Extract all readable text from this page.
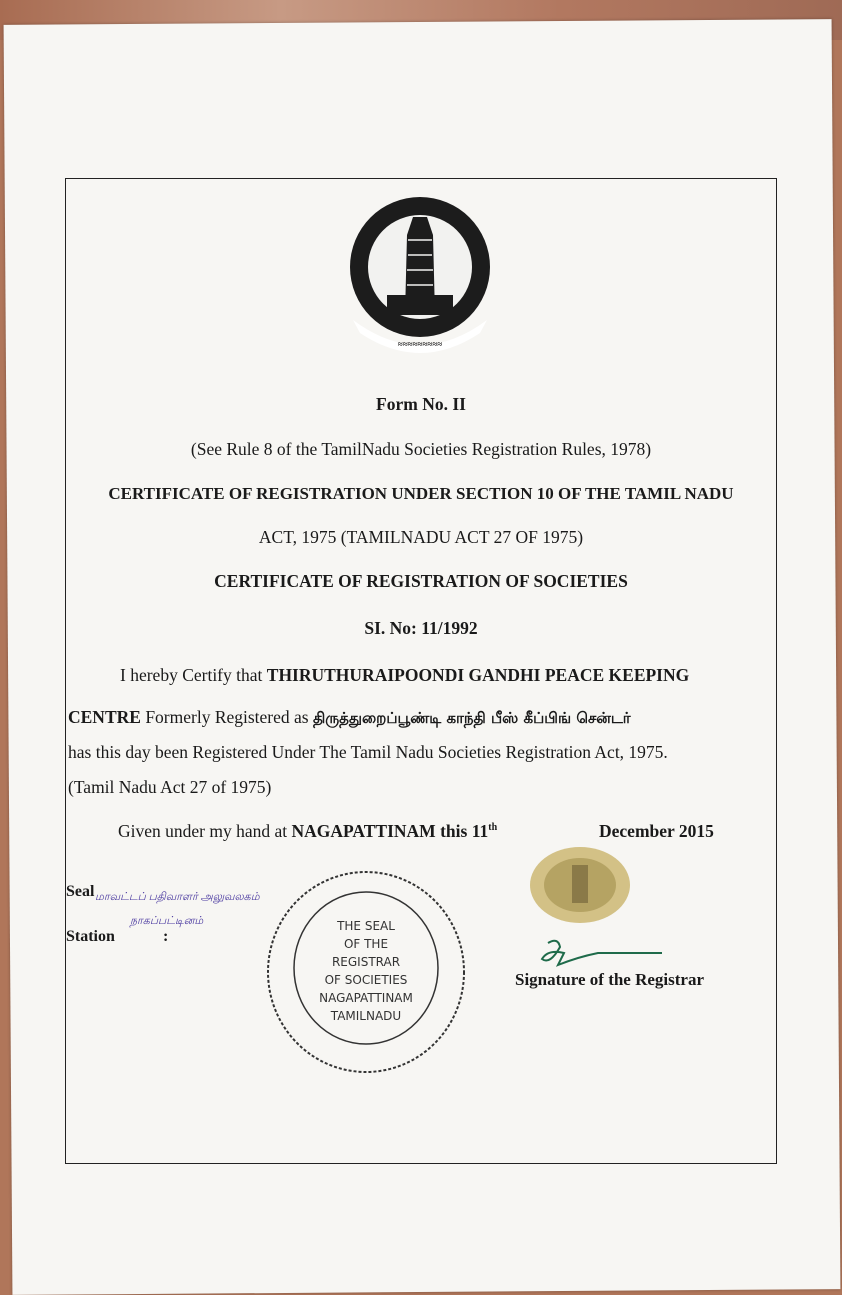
≈≈≈≈≈≈≈≈≈
Form No. II
(See Rule 8 of the TamilNadu Societies Registration Rules, 1978)
CERTIFICATE OF REGISTRATION UNDER SECTION 10 OF THE TAMIL NADU
ACT, 1975 (TAMILNADU ACT 27 OF 1975)
CERTIFICATE OF REGISTRATION OF SOCIETIES
SI. No: 11/1992
I hereby Certify that THIRUTHURAIPOONDI GANDHI PEACE KEEPING
CENTRE Formerly Registered as திருத்துறைப்பூண்டி காந்தி பீஸ் கீப்பிங் சென்டர்
has this day been Registered Under The Tamil Nadu Societies Registration Act, 1975.
(Tamil Nadu Act 27 of 1975)
Given under my hand at NAGAPATTINAM this 11th	December 2015
Seal மாவட்டப் பதிவாளர் அலுவலகம்
நாகப்பட்டினம்
Station	:
THE SEAL
OF THE
REGISTRAR
OF SOCIETIES
NAGAPATTINAM
TAMILNADU
Signature of the Registrar
